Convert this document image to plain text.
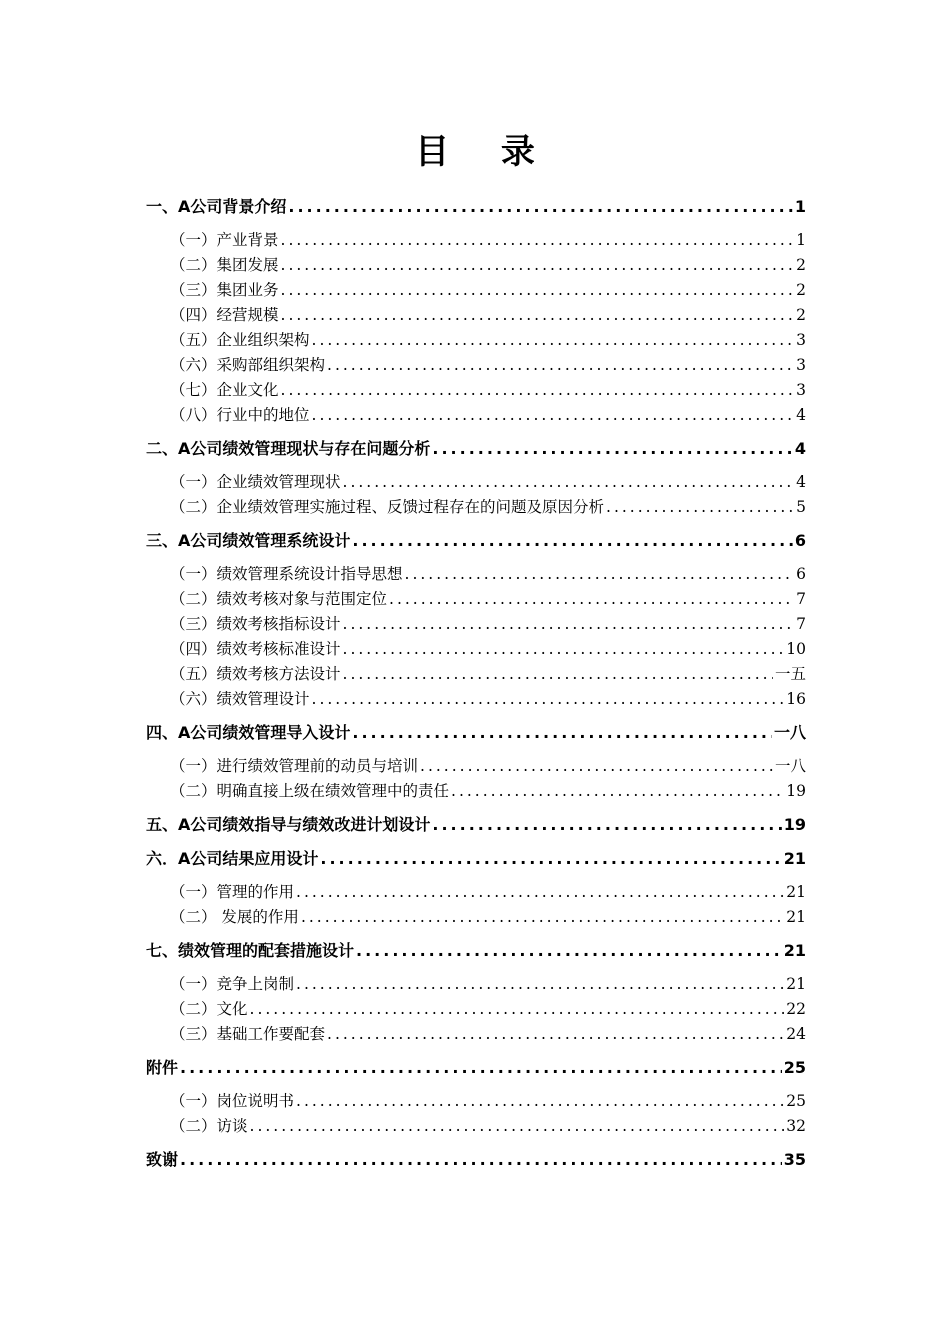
目 录
一、A公司背景介绍 .....	1
（一）产业背景 .....	1
（二）集团发展 .....	2
（三）集团业务 .....	2
（四）经营规模 .....	2
（五）企业组织架构 .....	3
（六）采购部组织架构 .....	3
（七）企业文化 .....	3
（八）行业中的地位 .....	4
二、A公司绩效管理现状与存在问题分析 .....	4
（一）企业绩效管理现状 .....	4
（二）企业绩效管理实施过程、反馈过程存在的问题及原因分析 .....	5
三、A公司绩效管理系统设计 .....	6
（一）绩效管理系统设计指导思想 .....	6
（二）绩效考核对象与范围定位 .....	7
（三）绩效考核指标设计 .....	7
（四）绩效考核标准设计 .....	10
（五）绩效考核方法设计 .....	一五
（六）绩效管理设计 .....	16
四、A公司绩效管理导入设计 .....	一八
（一）进行绩效管理前的动员与培训 .....	一八
（二）明确直接上级在绩效管理中的责任 .....	19
五、A公司绩效指导与绩效改进计划设计 .....	19
六．A公司结果应用设计 .....	21
（一）管理的作用 .....	21
（二） 发展的作用 .....	21
七、绩效管理的配套措施设计 .....	21
（一）竞争上岗制 .....	21
（二）文化 .....	22
（三）基础工作要配套 .....	24
附件 .....	25
（一）岗位说明书 .....	25
（二）访谈 .....	32
致谢 .....	35
